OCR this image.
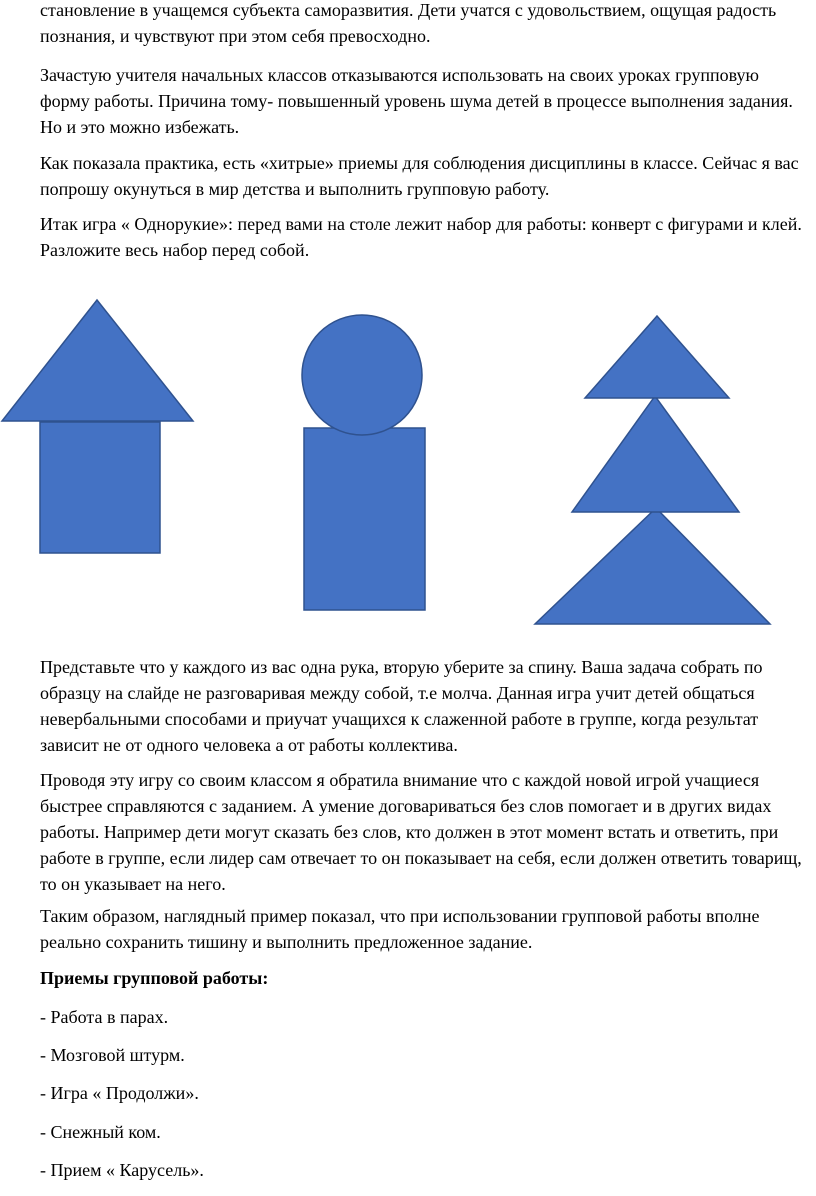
становление в учащемся субъекта саморазвития. Дети учатся с удовольствием, ощущая радость познания, и чувствуют при этом себя превосходно.

Зачастую учителя начальных классов отказываются использовать на своих уроках групповую форму работы. Причина тому- повышенный уровень шума детей в процессе выполнения задания. Но и это можно избежать.

Как показала практика, есть «хитрые» приемы для соблюдения дисциплины в классе. Сейчас я вас попрошу окунуться в мир детства и выполнить групповую работу.

Итак игра « Однорукие»: перед вами на столе лежит набор для работы: конверт с фигурами и клей. Разложите весь набор перед собой.

Представьте что у каждого из вас одна рука, вторую уберите за спину. Ваша задача собрать по образцу на слайде не разговаривая между собой, т.е молча. Данная игра учит детей общаться невербальными способами и приучат учащихся к слаженной работе в группе, когда результат зависит не от одного человека а от работы коллектива.

Проводя эту игру со своим классом я обратила внимание что с каждой новой игрой учащиеся быстрее справляются с заданием. А умение договариваться без слов помогает и в других видах работы. Например дети могут сказать без слов, кто должен в этот момент встать и ответить, при работе в группе, если лидер сам отвечает то он показывает на себя, если должен ответить товарищ, то он указывает на него.

Таким образом, наглядный пример показал, что при использовании групповой работы вполне реально сохранить тишину и выполнить предложенное задание.

Приемы групповой работы:

- Работа в парах.

- Мозговой штурм.

- Игра « Продолжи».

- Снежный ком.

- Прием « Карусель».
